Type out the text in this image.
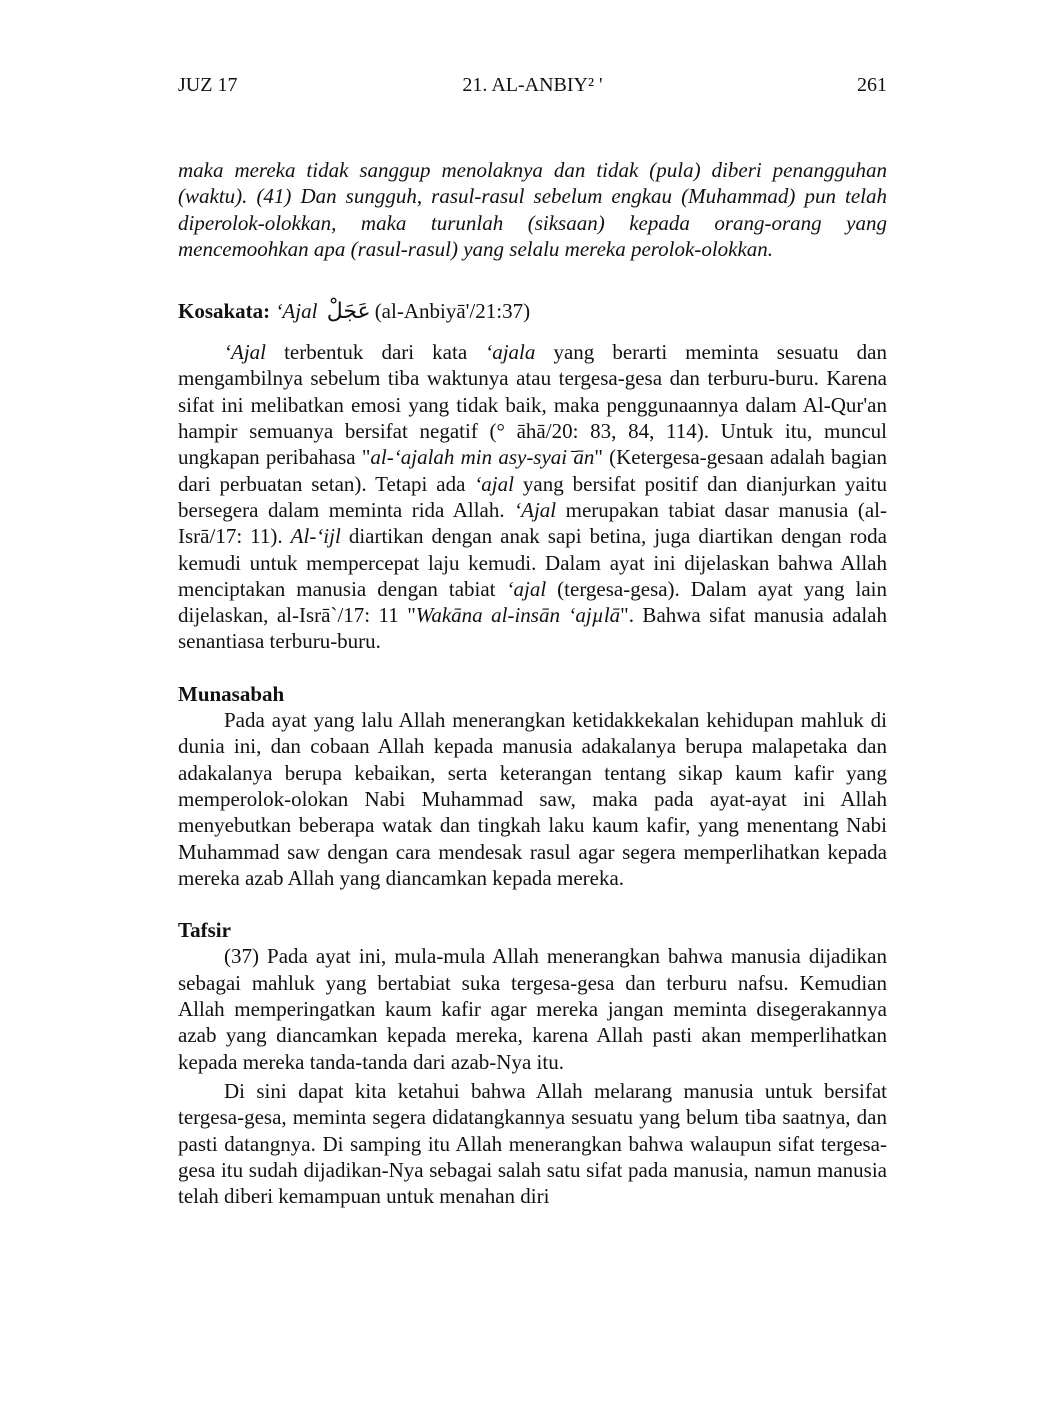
21. AL-ANBIY² '
JUZ 17	261

maka mereka tidak sanggup menolaknya dan tidak (pula) diberi penangguhan (waktu). (41) Dan sungguh, rasul-rasul sebelum engkau (Muhammad) pun telah diperolok-olokkan, maka turunlah (siksaan) kepada orang-orang yang mencemoohkan apa (rasul-rasul) yang selalu mereka perolok-olokkan.

Kosakata: ‘Ajal عَجَلْ (al-Anbiyā'/21:37)

‘Ajal terbentuk dari kata ‘ajala yang berarti meminta sesuatu dan mengambilnya sebelum tiba waktunya atau tergesa-gesa dan terburu-buru. Karena sifat ini melibatkan emosi yang tidak baik, maka penggunaannya dalam Al-Qur'an hampir semuanya bersifat negatif (° āhā/20: 83, 84, 114). Untuk itu, muncul ungkapan peribahasa "al-‘ajalah min asy-syai ̄ān" (Ketergesa-gesaan adalah bagian dari perbuatan setan). Tetapi ada ‘ajal yang bersifat positif dan dianjurkan yaitu bersegera dalam meminta rida Allah. ‘Ajal merupakan tabiat dasar manusia (al-Isrā/17: 11). Al-‘ijl diartikan dengan anak sapi betina, juga diartikan dengan roda kemudi untuk mempercepat laju kemudi. Dalam ayat ini dijelaskan bahwa Allah menciptakan manusia dengan tabiat ‘ajal (tergesa-gesa). Dalam ayat yang lain dijelaskan, al-Isrā`/17: 11 "Wakāna al-insān ‘ajµlā". Bahwa sifat manusia adalah senantiasa terburu-buru.

Munasabah

Pada ayat yang lalu Allah menerangkan ketidakkekalan kehidupan mahluk di dunia ini, dan cobaan Allah kepada manusia adakalanya berupa malapetaka dan adakalanya berupa kebaikan, serta keterangan tentang sikap kaum kafir yang memperolok-olokan Nabi Muhammad saw, maka pada ayat-ayat ini Allah menyebutkan beberapa watak dan tingkah laku kaum kafir, yang menentang Nabi Muhammad saw dengan cara mendesak rasul agar segera memperlihatkan kepada mereka azab Allah yang diancamkan kepada mereka.

Tafsir

(37) Pada ayat ini, mula-mula Allah menerangkan bahwa manusia dijadikan sebagai mahluk yang bertabiat suka tergesa-gesa dan terburu nafsu. Kemudian Allah memperingatkan kaum kafir agar mereka jangan meminta disegerakannya azab yang diancamkan kepada mereka, karena Allah pasti akan memperlihatkan kepada mereka tanda-tanda dari azab-Nya itu.

Di sini dapat kita ketahui bahwa Allah melarang manusia untuk bersifat tergesa-gesa, meminta segera didatangkannya sesuatu yang belum tiba saatnya, dan pasti datangnya. Di samping itu Allah menerangkan bahwa walaupun sifat tergesa-gesa itu sudah dijadikan-Nya sebagai salah satu sifat pada manusia, namun manusia telah diberi kemampuan untuk menahan diri
